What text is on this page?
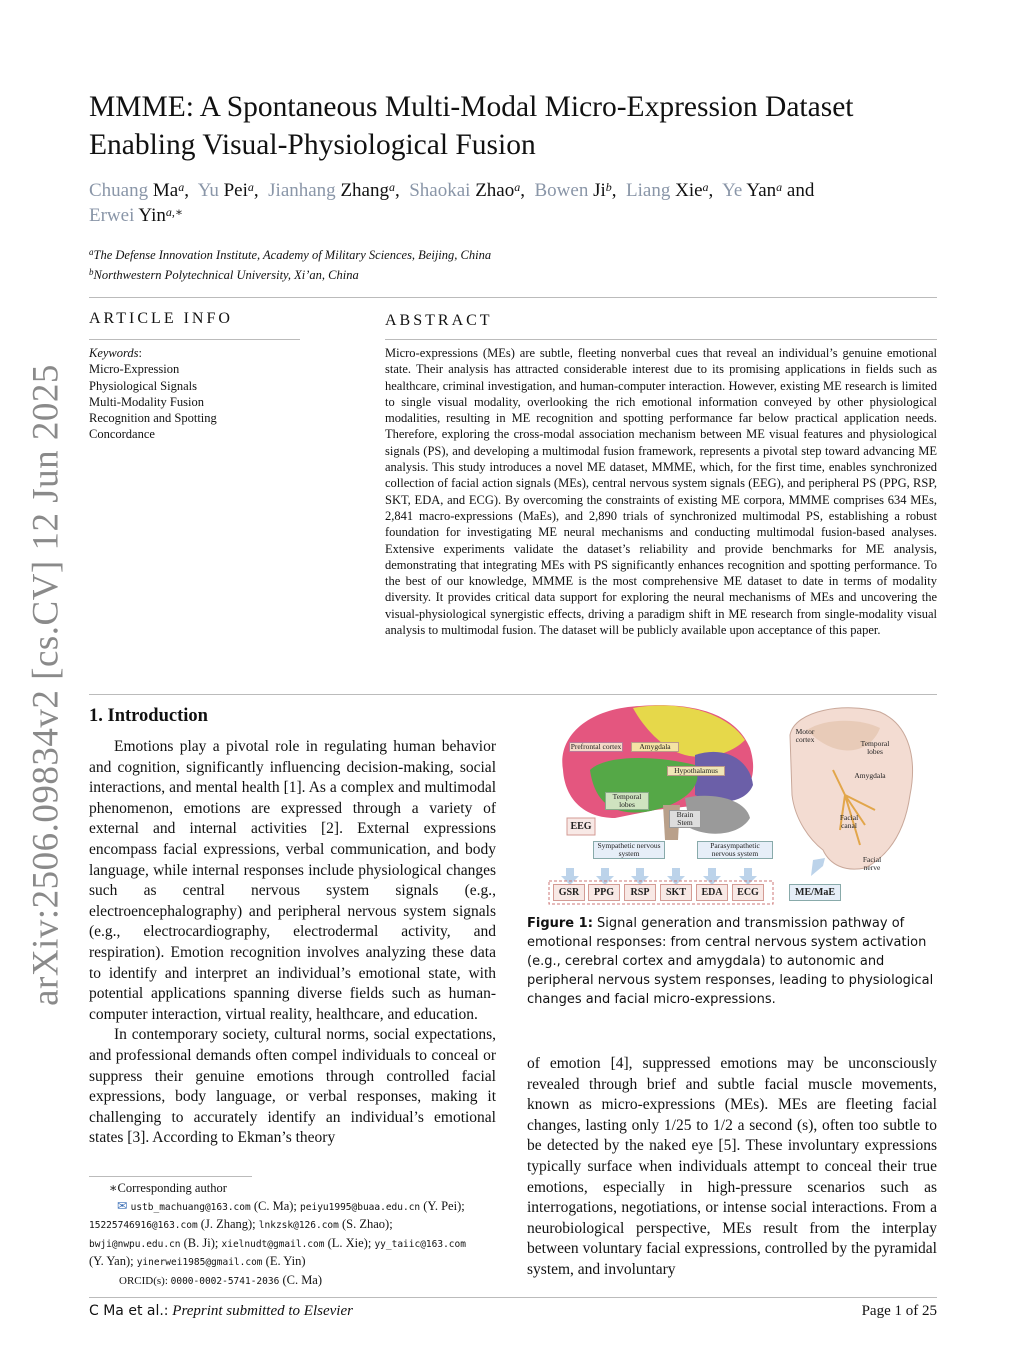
arXiv:2506.09834v2 [cs.CV] 12 Jun 2025
MMME: A Spontaneous Multi-Modal Micro-Expression Dataset Enabling Visual-Physiological Fusion
Chuang Ma$^a$,  Yu Pei$^a$,  Jianhang Zhang$^a$,  Shaokai Zhao$^a$,  Bowen Ji$^b$,  Liang Xie$^a$,  Ye Yan$^a$ and
Erwei Yin$^{a,∗}$
$^a$The Defense Innovation Institute, Academy of Military Sciences, Beijing, China
$^b$Northwestern Polytechnical University, Xi’an, China
ARTICLE INFO
Keywords:
Micro-Expression
Physiological Signals
Multi-Modality Fusion
Recognition and Spotting
Concordance
ABSTRACT
Micro-expressions (MEs) are subtle, fleeting nonverbal cues that reveal an individual’s genuine emotional state. Their analysis has attracted considerable interest due to its promising applications in fields such as healthcare, criminal investigation, and human-computer interaction. However, existing ME research is limited to single visual modality, overlooking the rich emotional information conveyed by other physiological modalities, resulting in ME recognition and spotting performance far below practical application needs. Therefore, exploring the cross-modal association mechanism between ME visual features and physiological signals (PS), and developing a multimodal fusion framework, represents a pivotal step toward advancing ME analysis. This study introduces a novel ME dataset, MMME, which, for the first time, enables synchronized collection of facial action signals (MEs), central nervous system signals (EEG), and peripheral PS (PPG, RSP, SKT, EDA, and ECG). By overcoming the constraints of existing ME corpora, MMME comprises 634 MEs, 2,841 macro-expressions (MaEs), and 2,890 trials of synchronized multimodal PS, establishing a robust foundation for investigating ME neural mechanisms and conducting multimodal fusion-based analyses. Extensive experiments validate the dataset’s reliability and provide benchmarks for ME analysis, demonstrating that integrating MEs with PS significantly enhances recognition and spotting performance. To the best of our knowledge, MMME is the most comprehensive ME dataset to date in terms of modality diversity. It provides critical data support for exploring the neural mechanisms of MEs and uncovering the visual-physiological synergistic effects, driving a paradigm shift in ME research from single-modality visual analysis to multimodal fusion. The dataset will be publicly available upon acceptance of this paper.
1. Introduction

Emotions play a pivotal role in regulating human behavior and cognition, significantly influencing decision-making, social interactions, and mental health [1]. As a complex and multimodal phenomenon, emotions are expressed through a variety of external and internal activities [2]. External expressions encompass facial expressions, verbal communication, and body language, while internal responses include physiological changes such as central nervous system signals (e.g., electroencephalography) and peripheral nervous system signals (e.g., electrocardiography, electrodermal activity, and respiration). Emotion recognition involves analyzing these data to identify and interpret an individual’s emotional state, with potential applications spanning diverse fields such as human-computer interaction, virtual reality, healthcare, and education.

In contemporary society, cultural norms, social expectations, and professional demands often compel individuals to conceal or suppress their genuine emotions through controlled facial expressions, body language, or verbal responses, making it challenging to accurately identify an individual’s emotional states [3]. According to Ekman’s theory

Prefrontal cortex	Amygdala
Hypothalamus
Temporal lobes
Brain Stem
Sympathetic nervous system
Parasympathetic nervous system
Motor cortex	Temporal lobes
Amygdala
Facial canal
Facial nerve
EEG
GSR	PPG	RSP	SKT	EDA	ECG	ME/MaE
Figure 1: Signal generation and transmission pathway of emotional responses: from central nervous system activation (e.g., cerebral cortex and amygdala) to autonomic and peripheral nervous system responses, leading to physiological changes and facial micro-expressions.

of emotion [4], suppressed emotions may be unconsciously revealed through brief and subtle facial muscle movements, known as micro-expressions (MEs). MEs are fleeting facial changes, lasting only 1/25 to 1/2 a second (s), often too subtle to be detected by the naked eye [5]. These involuntary expressions typically surface when individuals attempt to conceal their true emotions, especially in high-pressure scenarios such as interrogations, negotiations, or intense social interactions. From a neurobiological perspective, MEs result from the interplay between voluntary facial expressions, controlled by the pyramidal system, and involuntary

∗Corresponding author
✉ ustb_machuang@163.com (C. Ma); peiyu1995@buaa.edu.cn (Y. Pei);
15225746916@163.com (J. Zhang); lnkzsk@126.com (S. Zhao);
bwji@nwpu.edu.cn (B. Ji); xielnudt@gmail.com (L. Xie); yy_taiic@163.com
(Y. Yan); yinerwei1985@gmail.com (E. Yin)
ORCID(s): 0000-0002-5741-2036 (C. Ma)
C Ma et al.: Preprint submitted to Elsevier	Page 1 of 25
